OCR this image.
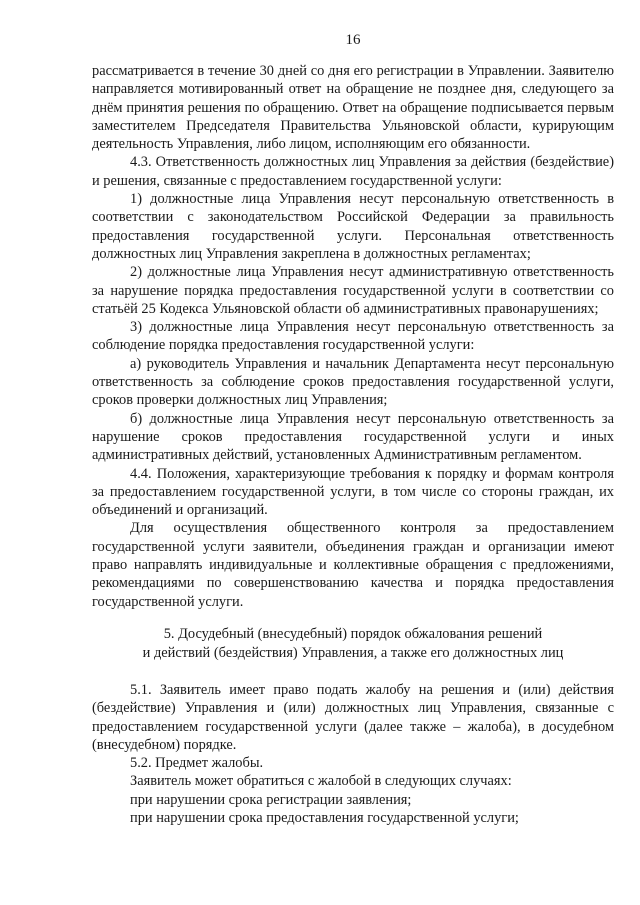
16

рассматривается в течение 30 дней со дня его регистрации в Управлении. Заявителю направляется мотивированный ответ на обращение не позднее дня, следующего за днём принятия решения по обращению. Ответ на обращение подписывается первым заместителем Председателя Правительства Ульяновской области, курирующим деятельность Управления, либо лицом, исполняющим его обязанности.

4.3. Ответственность должностных лиц Управления за действия (бездействие) и решения, связанные с предоставлением государственной услуги:

1) должностные лица Управления несут персональную ответственность в соответствии с законодательством Российской Федерации за правильность предоставления государственной услуги. Персональная ответственность должностных лиц Управления закреплена в должностных регламентах;

2) должностные лица Управления несут административную ответственность за нарушение порядка предоставления государственной услуги в соответствии со статьёй 25 Кодекса Ульяновской области об административных правонарушениях;

3) должностные лица Управления несут персональную ответственность за соблюдение порядка предоставления государственной услуги:

а) руководитель Управления и начальник Департамента несут персональную ответственность за соблюдение сроков предоставления государственной услуги, сроков проверки должностных лиц Управления;

б) должностные лица Управления несут персональную ответственность за нарушение сроков предоставления государственной услуги и иных административных действий, установленных Административным регламентом.

4.4. Положения, характеризующие требования к порядку и формам контроля за предоставлением государственной услуги, в том числе со стороны граждан, их объединений и организаций.

Для осуществления общественного контроля за предоставлением государственной услуги заявители, объединения граждан и организации имеют право направлять индивидуальные и коллективные обращения с предложениями, рекомендациями по совершенствованию качества и порядка предоставления государственной услуги.

5. Досудебный (внесудебный) порядок обжалования решений
и действий (бездействия) Управления, а также его должностных лиц

5.1. Заявитель имеет право подать жалобу на решения и (или) действия (бездействие) Управления и (или) должностных лиц Управления, связанные с предоставлением государственной услуги (далее также – жалоба), в досудебном (внесудебном) порядке.

5.2. Предмет жалобы.

Заявитель может обратиться с жалобой в следующих случаях:

при нарушении срока регистрации заявления;

при нарушении срока предоставления государственной услуги;
